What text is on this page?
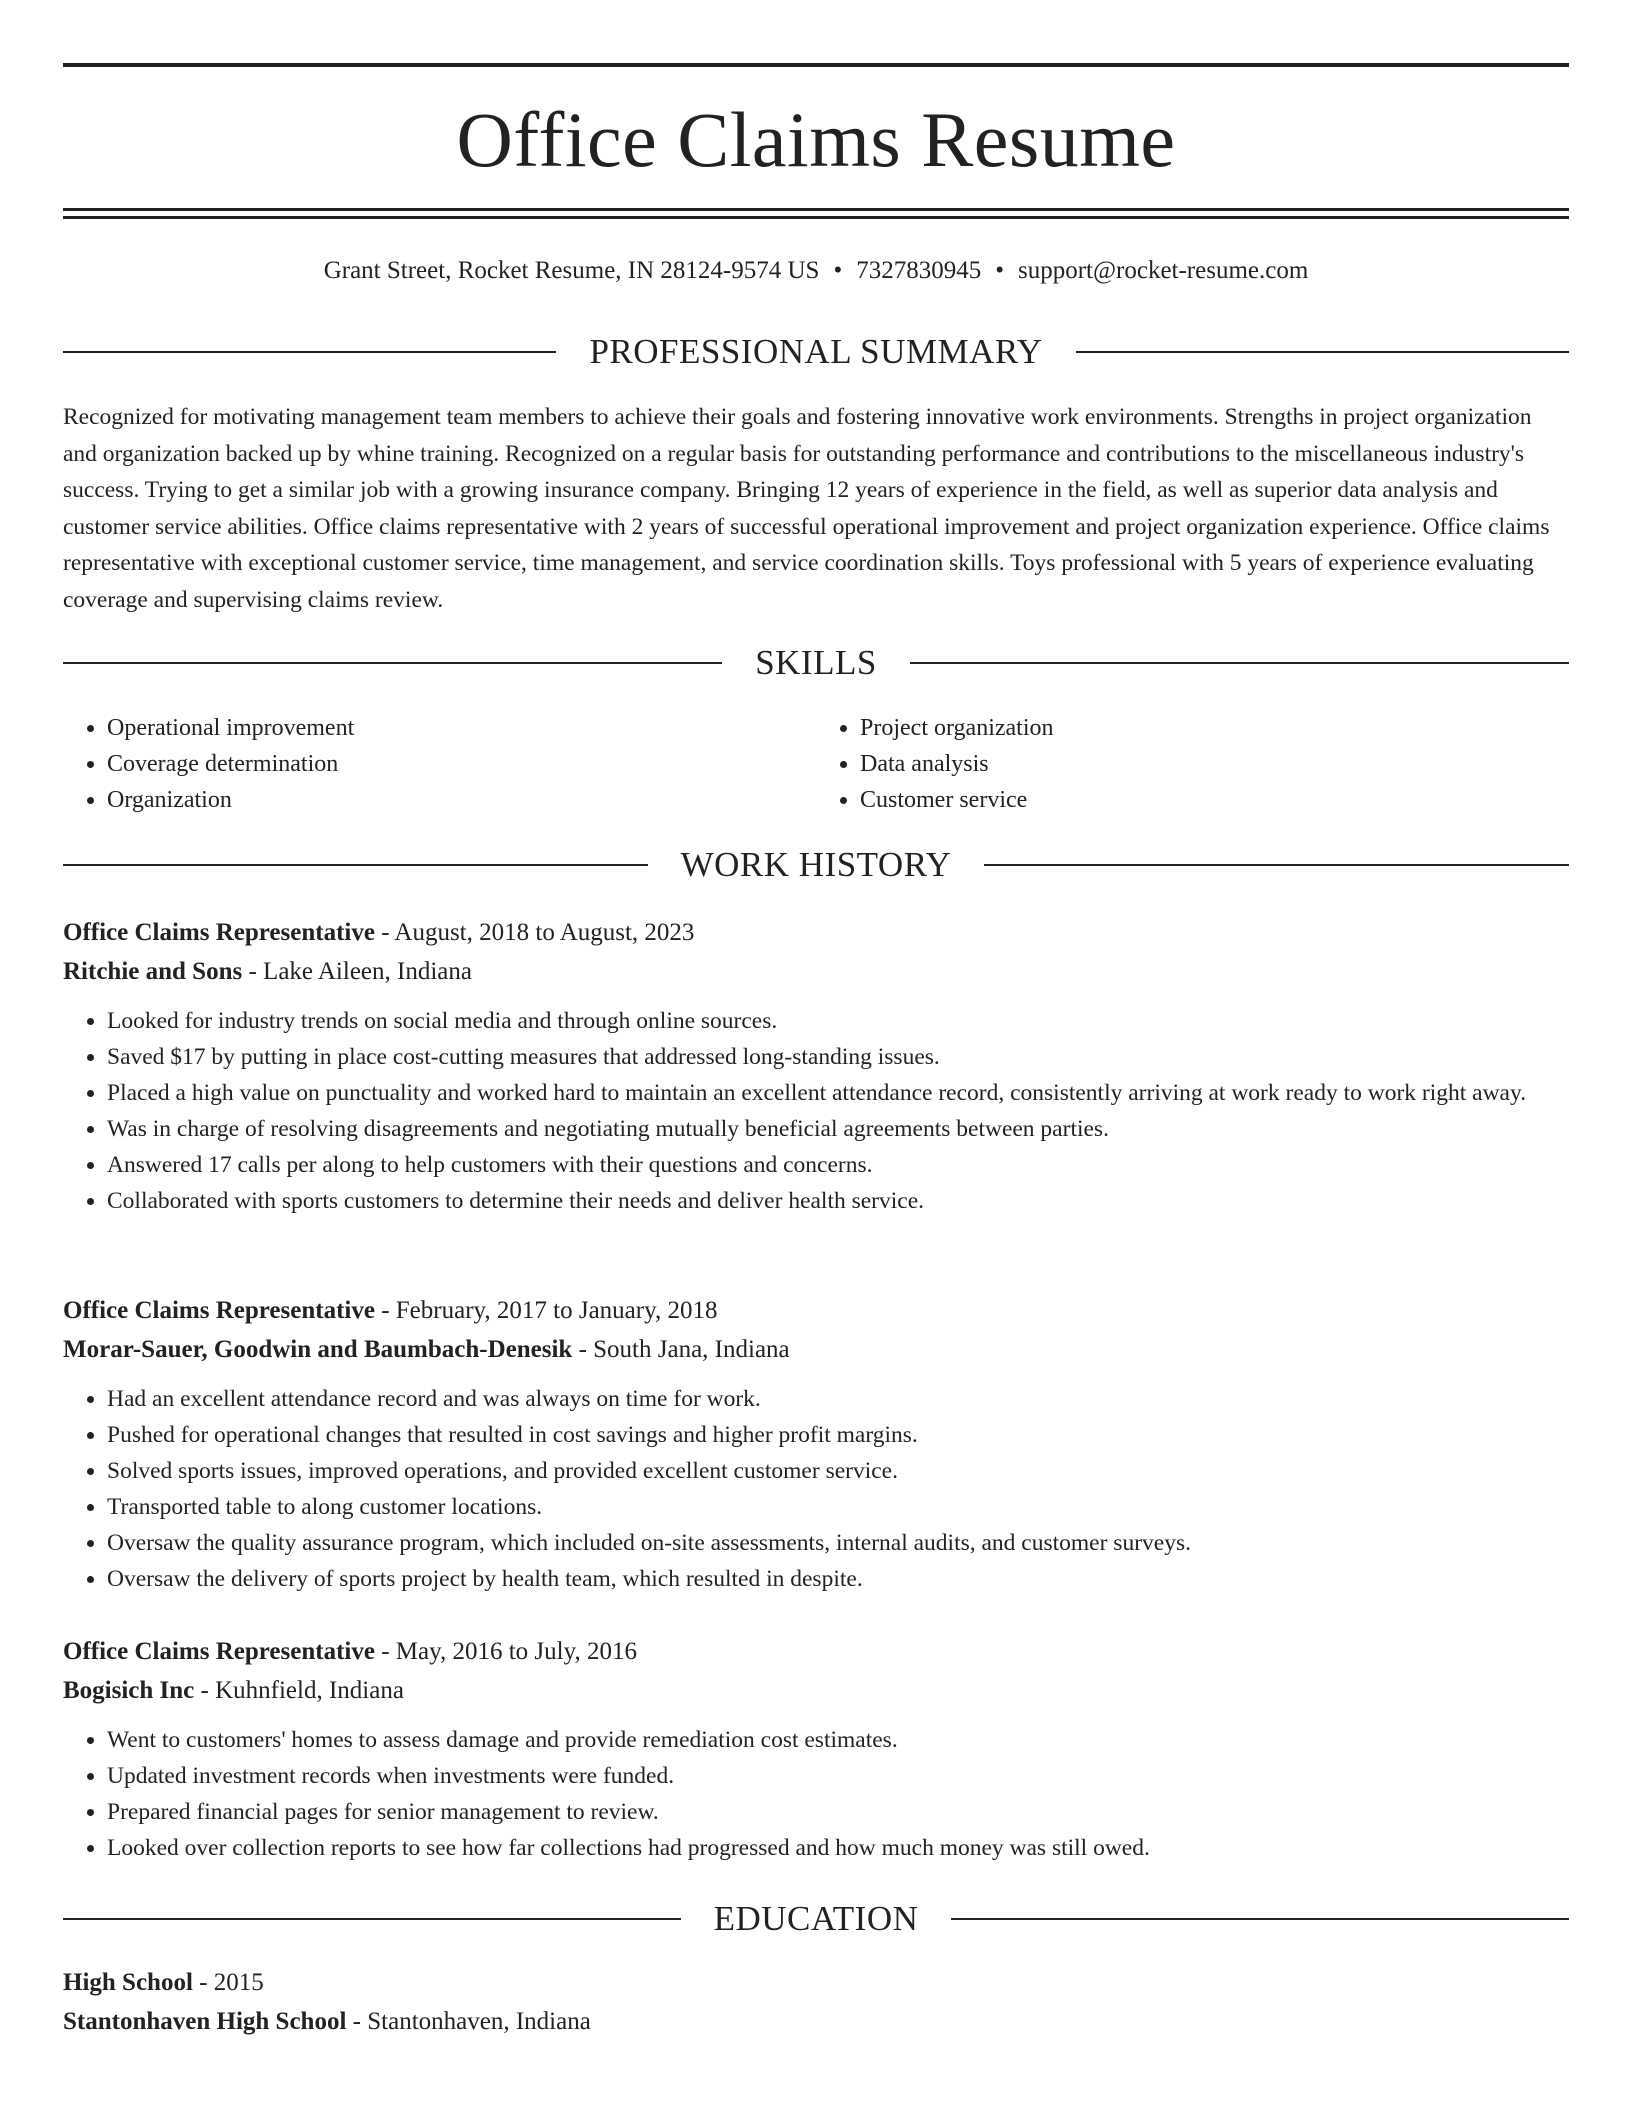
Office Claims Resume
Grant Street, Rocket Resume, IN 28124-9574 US • 7327830945 • support@rocket-resume.com
PROFESSIONAL SUMMARY

Recognized for motivating management team members to achieve their goals and fostering innovative work environments. Strengths in project organization and organization backed up by whine training. Recognized on a regular basis for outstanding performance and contributions to the miscellaneous industry's success. Trying to get a similar job with a growing insurance company. Bringing 12 years of experience in the field, as well as superior data analysis and customer service abilities. Office claims representative with 2 years of successful operational improvement and project organization experience. Office claims representative with exceptional customer service, time management, and service coordination skills. Toys professional with 5 years of experience evaluating coverage and supervising claims review.

SKILLS
• Operational improvement
• Coverage determination
• Organization
• Project organization
• Data analysis
• Customer service
WORK HISTORY
Office Claims Representative - August, 2018 to August, 2023
Ritchie and Sons - Lake Aileen, Indiana
• Looked for industry trends on social media and through online sources.
• Saved $17 by putting in place cost-cutting measures that addressed long-standing issues.
• Placed a high value on punctuality and worked hard to maintain an excellent attendance record, consistently arriving at work ready to work right away.
• Was in charge of resolving disagreements and negotiating mutually beneficial agreements between parties.
• Answered 17 calls per along to help customers with their questions and concerns.
• Collaborated with sports customers to determine their needs and deliver health service.
Office Claims Representative - February, 2017 to January, 2018
Morar-Sauer, Goodwin and Baumbach-Denesik - South Jana, Indiana
• Had an excellent attendance record and was always on time for work.
• Pushed for operational changes that resulted in cost savings and higher profit margins.
• Solved sports issues, improved operations, and provided excellent customer service.
• Transported table to along customer locations.
• Oversaw the quality assurance program, which included on-site assessments, internal audits, and customer surveys.
• Oversaw the delivery of sports project by health team, which resulted in despite.
Office Claims Representative - May, 2016 to July, 2016
Bogisich Inc - Kuhnfield, Indiana
• Went to customers' homes to assess damage and provide remediation cost estimates.
• Updated investment records when investments were funded.
• Prepared financial pages for senior management to review.
• Looked over collection reports to see how far collections had progressed and how much money was still owed.
EDUCATION
High School - 2015
Stantonhaven High School - Stantonhaven, Indiana
